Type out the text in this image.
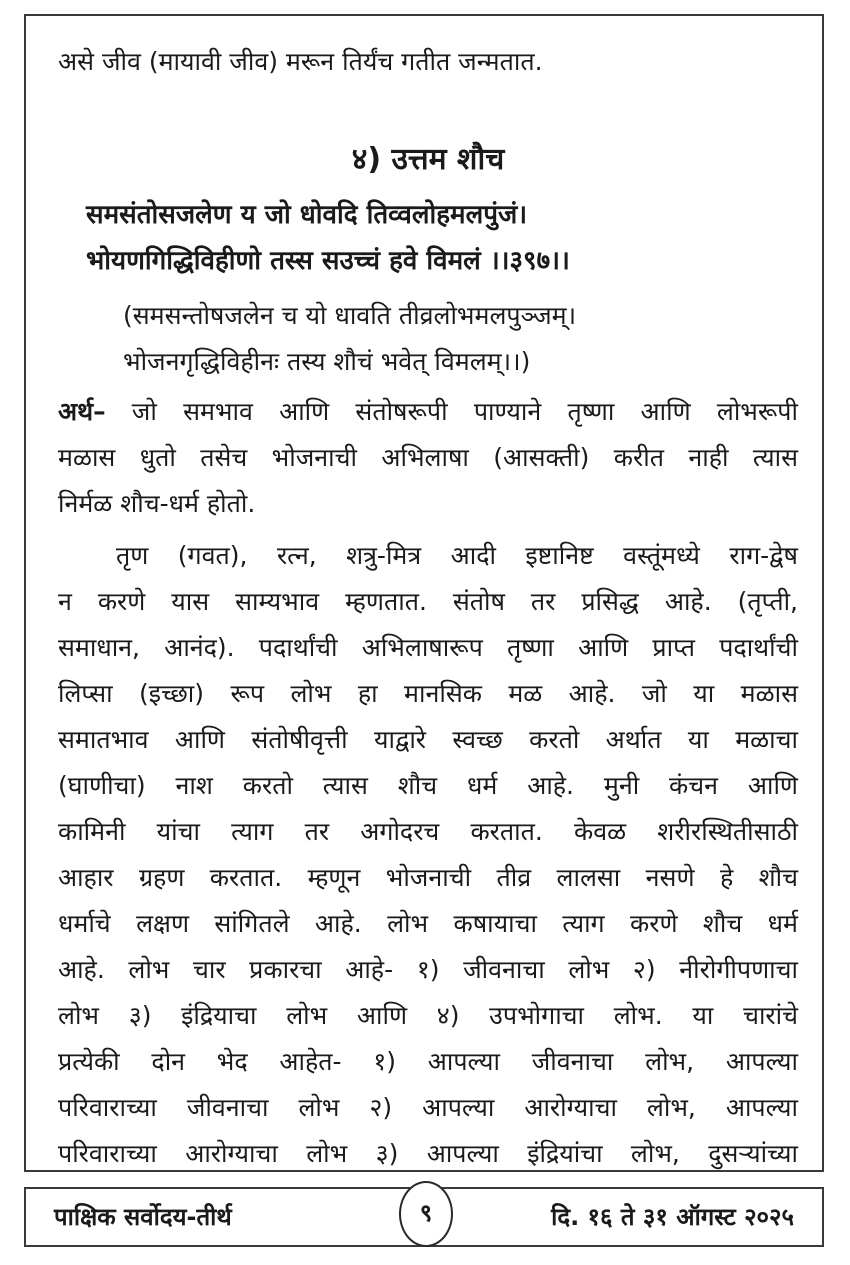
असे जीव (मायावी जीव) मरून तिर्यंच गतीत जन्मतात.
४) उत्तम शौच
समसंतोसजलेण य जो धोवदि तिव्वलोहमलपुंजं।
भोयणगिद्धिविहीणो तस्स सउच्चं हवे विमलं ।।३९७।।
(समसन्तोषजलेन च यो धावति तीव्रलोभमलपुञ्जम्।
भोजनगृद्धिविहीनः तस्य शौचं भवेत् विमलम्।।)
अर्थ– जो समभाव आणि संतोषरूपी पाण्याने तृष्णा आणि लोभरूपी
मळास धुतो तसेच भोजनाची अभिलाषा (आसक्ती) करीत नाही त्यास
निर्मळ शौच-धर्म होतो.
तृण (गवत), रत्न, शत्रु-मित्र आदी इष्टानिष्ट वस्तूंमध्ये राग-द्वेष
न करणे यास साम्यभाव म्हणतात. संतोष तर प्रसिद्ध आहे. (तृप्ती,
समाधान, आनंद). पदार्थांची अभिलाषारूप तृष्णा आणि प्राप्त पदार्थांची
लिप्सा (इच्छा) रूप लोभ हा मानसिक मळ आहे. जो या मळास
समातभाव आणि संतोषीवृत्ती याद्वारे स्वच्छ करतो अर्थात या मळाचा
(घाणीचा) नाश करतो त्यास शौच धर्म आहे. मुनी कंचन आणि
कामिनी यांचा त्याग तर अगोदरच करतात. केवळ शरीरस्थितीसाठी
आहार ग्रहण करतात. म्हणून भोजनाची तीव्र लालसा नसणे हे शौच
धर्माचे लक्षण सांगितले आहे. लोभ कषायाचा त्याग करणे शौच धर्म
आहे. लोभ चार प्रकारचा आहे- १) जीवनाचा लोभ २) नीरोगीपणाचा
लोभ ३) इंद्रियाचा लोभ आणि ४) उपभोगाचा लोभ. या चारांचे
प्रत्येकी दोन भेद आहेत- १) आपल्या जीवनाचा लोभ, आपल्या
परिवाराच्या जीवनाचा लोभ २) आपल्या आरोग्याचा लोभ, आपल्या
परिवाराच्या आरोग्याचा लोभ ३) आपल्या इंद्रियांचा लोभ, दुसऱ्यांच्या
पाक्षिक सर्वोदय-तीर्थ	९	दि. १६ ते ३१ ऑगस्ट २०२५
